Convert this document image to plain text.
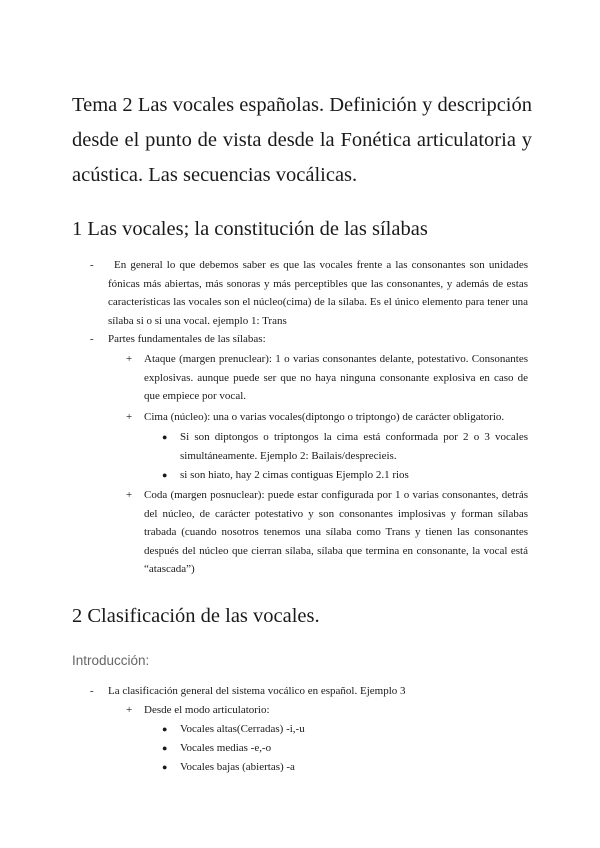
Tema 2 Las vocales españolas. Definición y descripción desde el punto de vista desde la Fonética articulatoria y acústica. Las secuencias vocálicas.
1 Las vocales; la constitución de las sílabas
-	En general lo que debemos saber es que las vocales frente a las consonantes son unidades fónicas más abiertas, más sonoras y más perceptibles que las consonantes, y además de estas características las vocales son el núcleo(cima) de la sílaba. Es el único elemento para tener una sílaba si o si una vocal. ejemplo 1: Trans
- Partes fundamentales de las sílabas:
+ Ataque (margen prenuclear): 1 o varias consonantes delante, potestativo. Consonantes explosivas. aunque puede ser que no haya ninguna consonante explosiva en caso de que empiece por vocal.
+ Cima (núcleo): una o varias vocales(diptongo o triptongo) de carácter obligatorio.
● Si son diptongos o triptongos la cima está conformada por 2 o 3 vocales simultáneamente. Ejemplo 2: Bailais/desprecieis.
● si son hiato, hay 2 cimas contiguas Ejemplo 2.1 rios
+ Coda (margen posnuclear): puede estar configurada por 1 o varias consonantes, detrás del núcleo, de carácter potestativo y son consonantes implosivas y forman sílabas trabada (cuando nosotros tenemos una sílaba como Trans y tienen las consonantes después del núcleo que cierran sílaba, sílaba que termina en consonante, la vocal está “atascada”)
2 Clasificación de las vocales.
Introducción:
- La clasificación general del sistema vocálico en español. Ejemplo 3
+ Desde el modo articulatorio:
● Vocales altas(Cerradas) -i,-u
● Vocales medias -e,-o
● Vocales bajas (abiertas) -a
